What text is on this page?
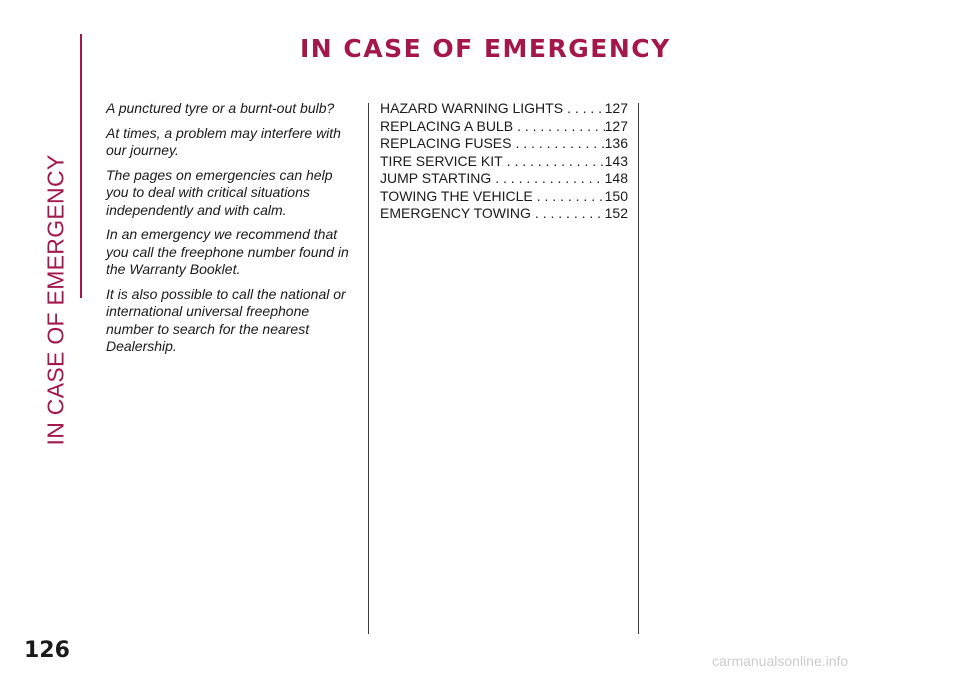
IN CASE OF EMERGENCY
IN CASE OF EMERGENCY

A punctured tyre or a burnt-out bulb?

At times, a problem may interfere with our journey.

The pages on emergencies can help you to deal with critical situations independently and with calm.

In an emergency we recommend that you call the freephone number found in the Warranty Booklet.

It is also possible to call the national or international universal freephone number to search for the nearest Dealership.

HAZARD WARNING LIGHTS . . .	127
REPLACING A BULB . . .	127
REPLACING FUSES . . .	136
TIRE SERVICE KIT . . .	143
JUMP STARTING . . .	148
TOWING THE VEHICLE . . .	150
EMERGENCY TOWING . . .	152

126	carmanualsonline.info
